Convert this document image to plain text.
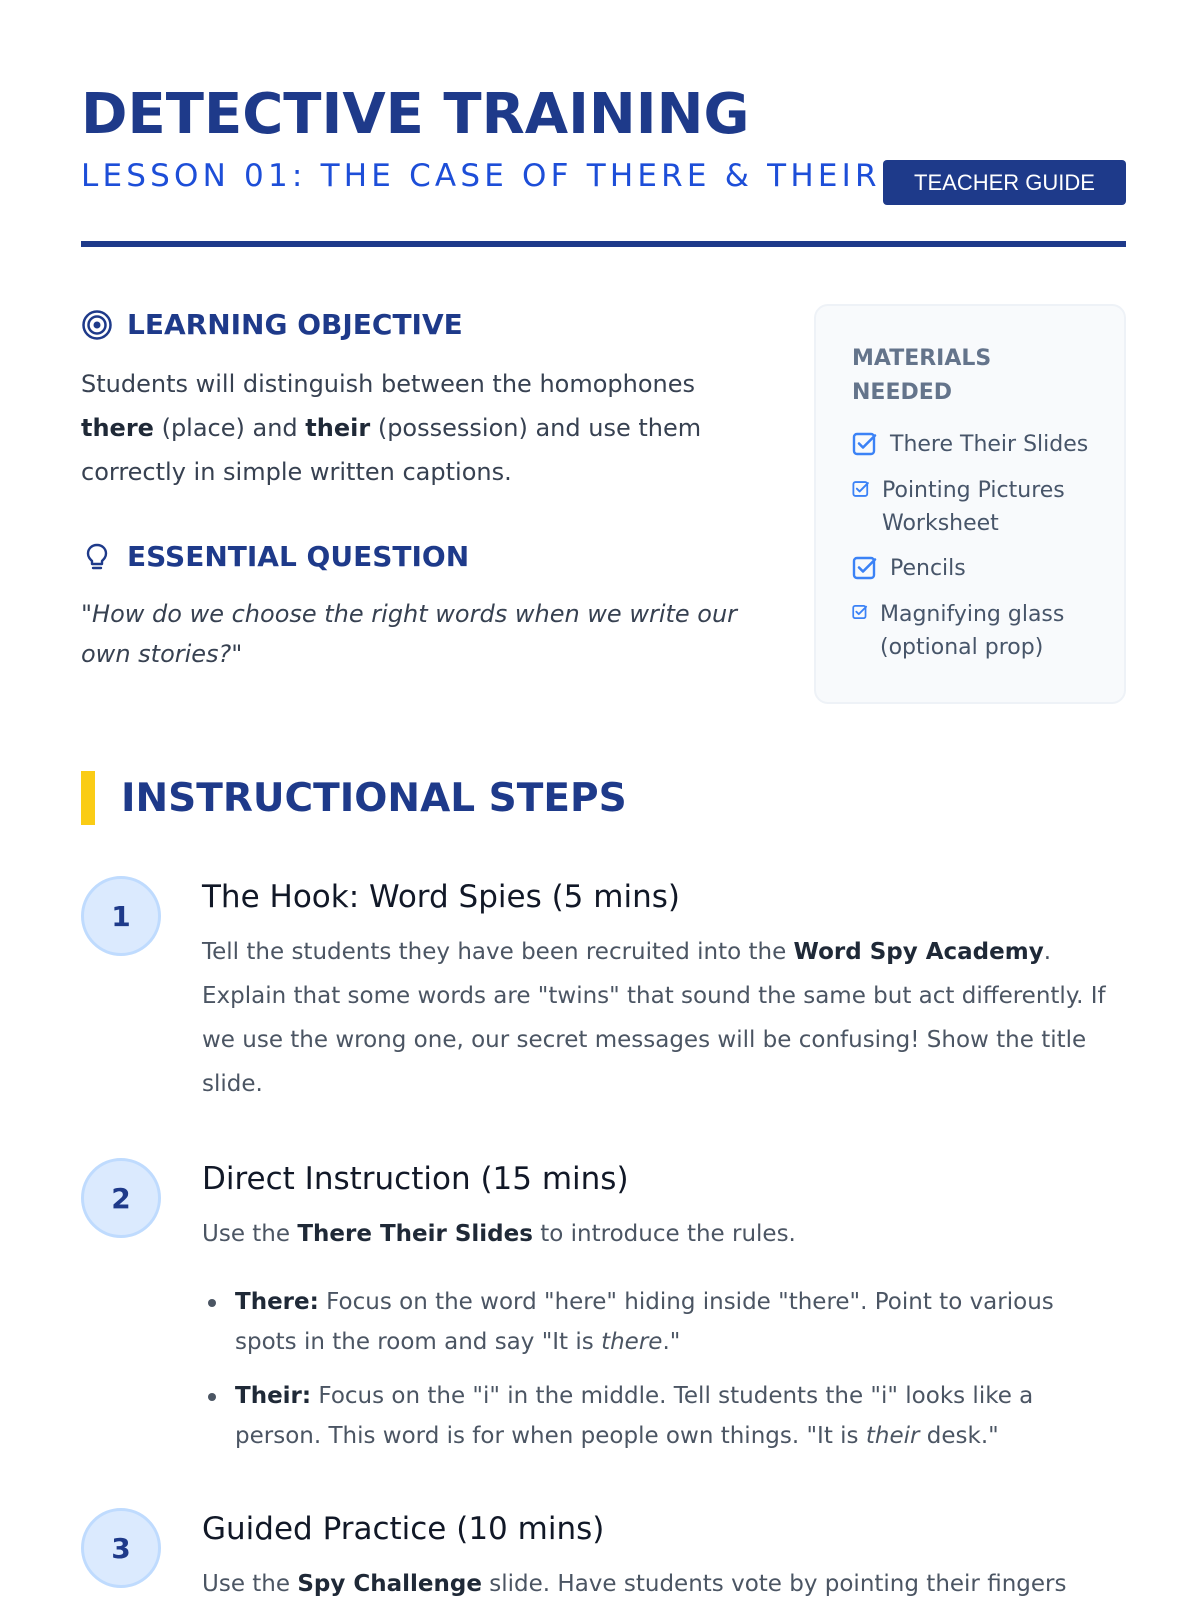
DETECTIVE TRAINING
LESSON 01: THE CASE OF THERE & THEIR	TEACHER GUIDE
LEARNING OBJECTIVE
Students will distinguish between the homophones there (place) and their (possession) and use them correctly in simple written captions.
ESSENTIAL QUESTION
"How do we choose the right words when we write our own stories?"
MATERIALS NEEDED
There Their Slides
Pointing Pictures Worksheet
Pencils
Magnifying glass (optional prop)
INSTRUCTIONAL STEPS
1
The Hook: Word Spies (5 mins)
Tell the students they have been recruited into the Word Spy Academy. Explain that some words are "twins" that sound the same but act differently. If we use the wrong one, our secret messages will be confusing! Show the title slide.
2
Direct Instruction (15 mins)
Use the There Their Slides to introduce the rules.
There: Focus on the word "here" hiding inside "there". Point to various spots in the room and say "It is there."
Their: Focus on the "i" in the middle. Tell students the "i" looks like a person. This word is for when people own things. "It is their desk."
3
Guided Practice (10 mins)
Use the Spy Challenge slide. Have students vote by pointing their fingers
